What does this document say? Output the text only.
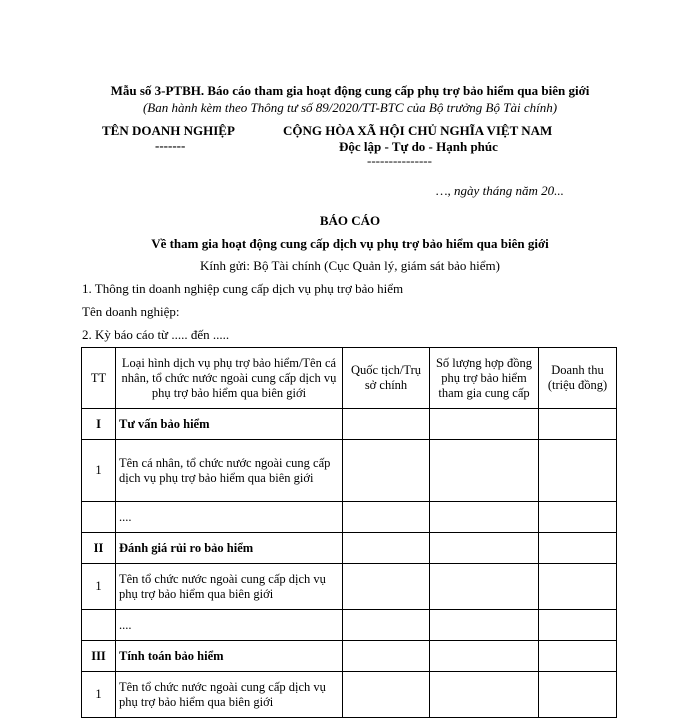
Mẫu số 3-PTBH. Báo cáo tham gia hoạt động cung cấp phụ trợ bảo hiểm qua biên giới
(Ban hành kèm theo Thông tư số 89/2020/TT-BTC của Bộ trưởng Bộ Tài chính)
TÊN DOANH NGHIỆP
-------
CỘNG HÒA XÃ HỘI CHỦ NGHĨA VIỆT NAM
Độc lập - Tự do - Hạnh phúc
---------------
…, ngày tháng năm 20...
BÁO CÁO
Về tham gia hoạt động cung cấp dịch vụ phụ trợ bảo hiểm qua biên giới
Kính gửi: Bộ Tài chính (Cục Quản lý, giám sát bảo hiểm)
1. Thông tin doanh nghiệp cung cấp dịch vụ phụ trợ bảo hiểm
Tên doanh nghiệp:
2. Kỳ báo cáo từ ..... đến .....
TT	Loại hình dịch vụ phụ trợ bảo hiểm/Tên cá nhân, tổ chức nước ngoài cung cấp dịch vụ phụ trợ bảo hiểm qua biên giới	Quốc tịch/Trụ sở chính	Số lượng hợp đồng phụ trợ bảo hiểm tham gia cung cấp	Doanh thu (triệu đồng)
I	Tư vấn bảo hiểm			
1	Tên cá nhân, tổ chức nước ngoài cung cấp dịch vụ phụ trợ bảo hiểm qua biên giới			
	....			
II	Đánh giá rủi ro bảo hiểm			
1	Tên tổ chức nước ngoài cung cấp dịch vụ phụ trợ bảo hiểm qua biên giới			
	....			
III	Tính toán bảo hiểm			
1	Tên tổ chức nước ngoài cung cấp dịch vụ phụ trợ bảo hiểm qua biên giới			
